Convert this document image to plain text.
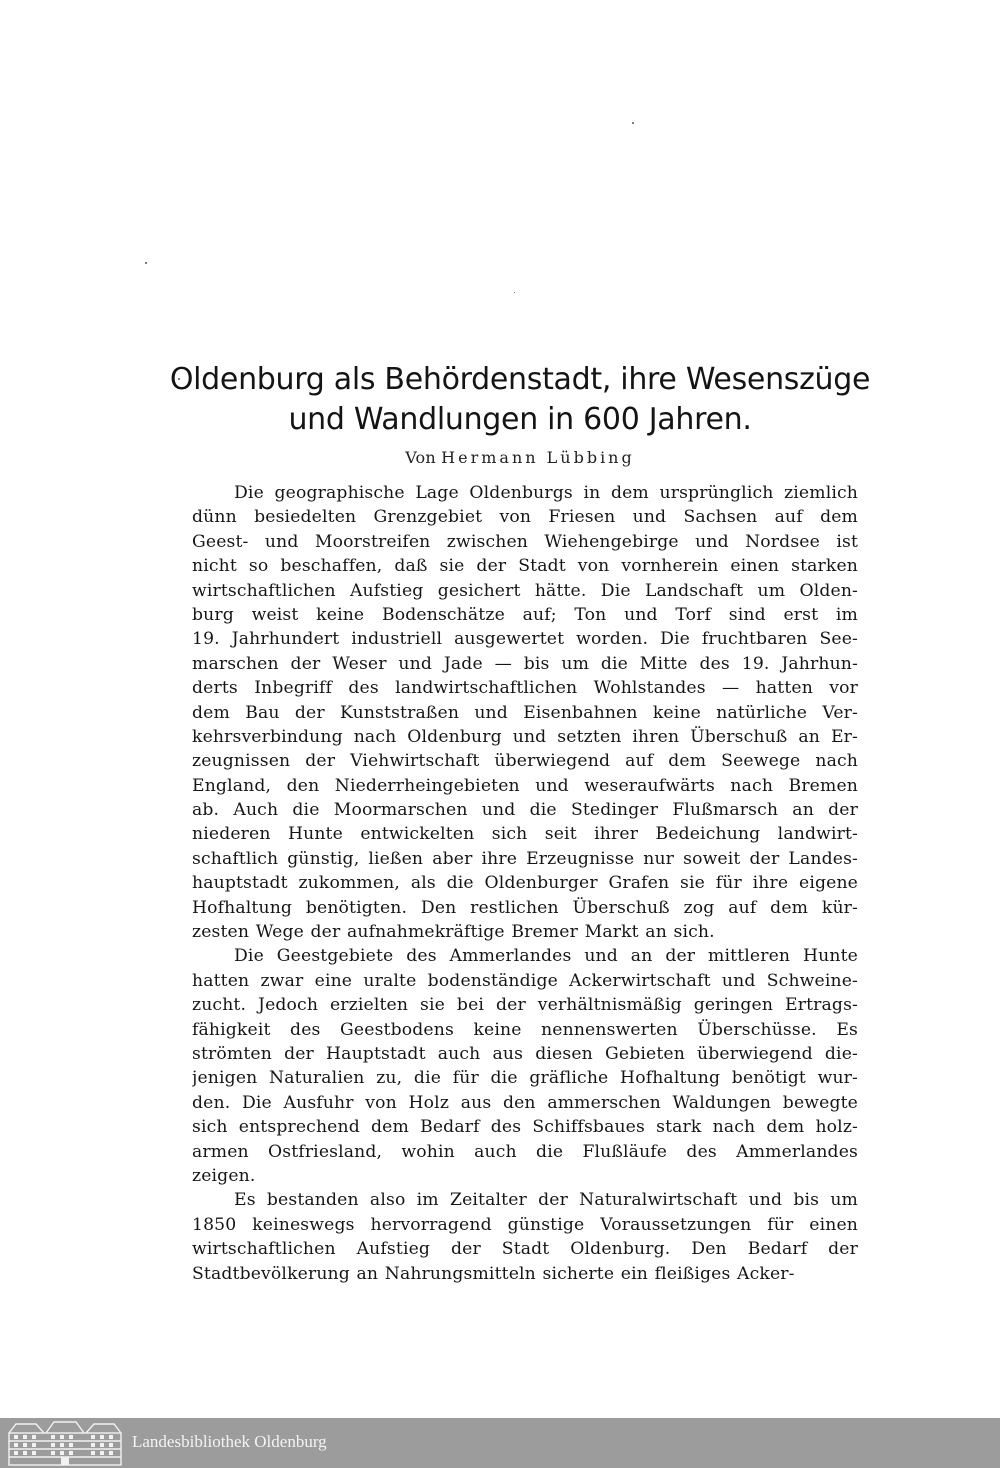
Oldenburg als Behördenstadt, ihre Wesenszüge
und Wandlungen in 600 Jahren.
Von Hermann Lübbing
Die geographische Lage Oldenburgs in dem ursprünglich ziemlich
dünn besiedelten Grenzgebiet von Friesen und Sachsen auf dem
Geest- und Moorstreifen zwischen Wiehengebirge und Nordsee ist
nicht so beschaffen, daß sie der Stadt von vornherein einen starken
wirtschaftlichen Aufstieg gesichert hätte. Die Landschaft um Olden-
burg weist keine Bodenschätze auf; Ton und Torf sind erst im
19. Jahrhundert industriell ausgewertet worden. Die fruchtbaren See-
marschen der Weser und Jade — bis um die Mitte des 19. Jahrhun-
derts Inbegriff des landwirtschaftlichen Wohlstandes — hatten vor
dem Bau der Kunststraßen und Eisenbahnen keine natürliche Ver-
kehrsverbindung nach Oldenburg und setzten ihren Überschuß an Er-
zeugnissen der Viehwirtschaft überwiegend auf dem Seewege nach
England, den Niederrheingebieten und weseraufwärts nach Bremen
ab. Auch die Moormarschen und die Stedinger Flußmarsch an der
niederen Hunte entwickelten sich seit ihrer Bedeichung landwirt-
schaftlich günstig, ließen aber ihre Erzeugnisse nur soweit der Landes-
hauptstadt zukommen, als die Oldenburger Grafen sie für ihre eigene
Hofhaltung benötigten. Den restlichen Überschuß zog auf dem kür-
zesten Wege der aufnahmekräftige Bremer Markt an sich.
Die Geestgebiete des Ammerlandes und an der mittleren Hunte
hatten zwar eine uralte bodenständige Ackerwirtschaft und Schweine-
zucht. Jedoch erzielten sie bei der verhältnismäßig geringen Ertrags-
fähigkeit des Geestbodens keine nennenswerten Überschüsse. Es
strömten der Hauptstadt auch aus diesen Gebieten überwiegend die-
jenigen Naturalien zu, die für die gräfliche Hofhaltung benötigt wur-
den. Die Ausfuhr von Holz aus den ammerschen Waldungen bewegte
sich entsprechend dem Bedarf des Schiffsbaues stark nach dem holz-
armen Ostfriesland, wohin auch die Flußläufe des Ammerlandes
zeigen.
Es bestanden also im Zeitalter der Naturalwirtschaft und bis um
1850 keineswegs hervorragend günstige Voraussetzungen für einen
wirtschaftlichen Aufstieg der Stadt Oldenburg. Den Bedarf der
Stadtbevölkerung an Nahrungsmitteln sicherte ein fleißiges Acker-
Landesbibliothek Oldenburg
